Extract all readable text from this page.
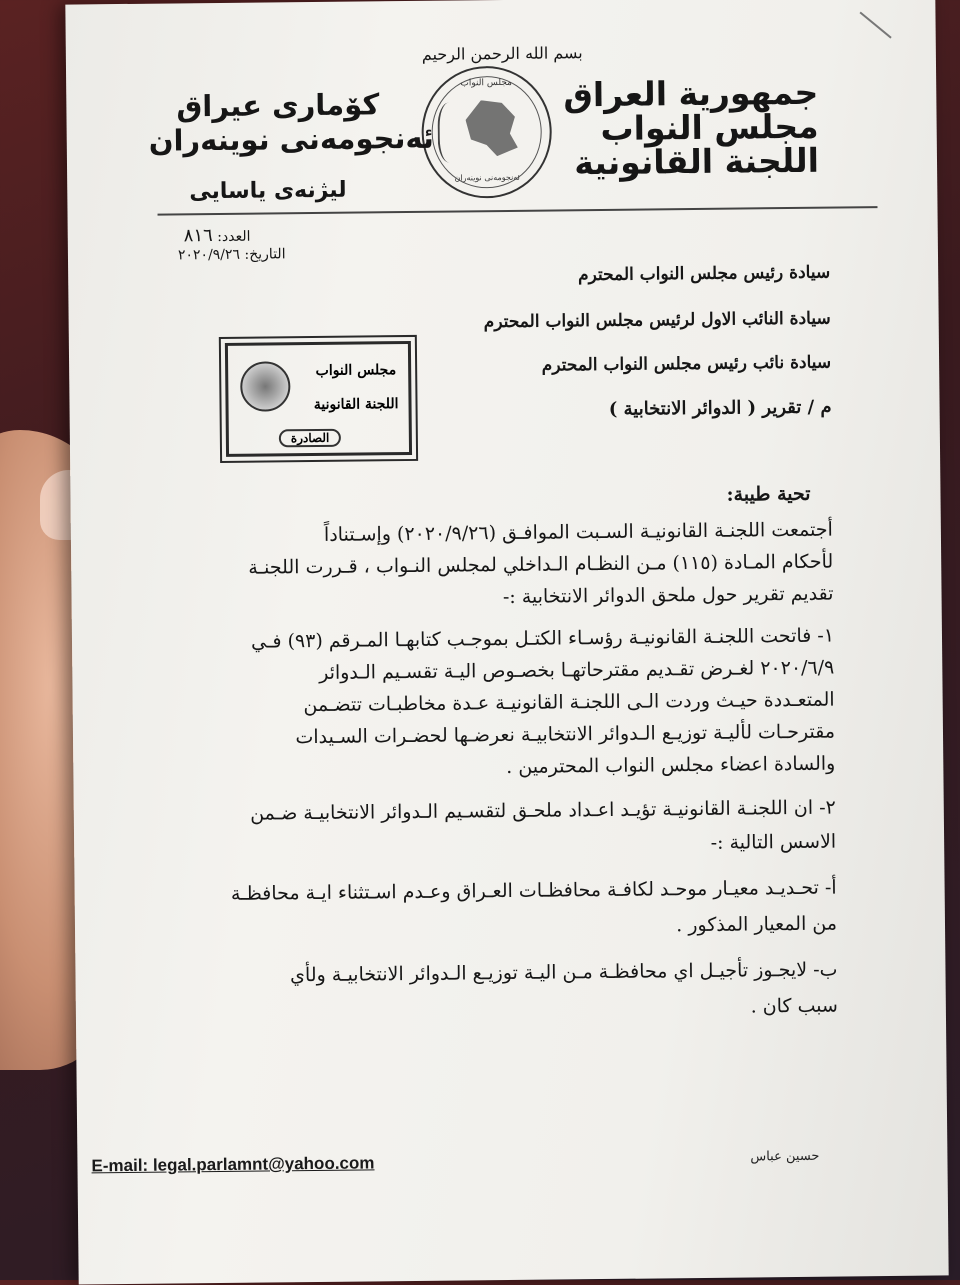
بسم الله الرحمن الرحيم
مجلس النواب
ئەنجومەنی نوینەران
جمهورية العراق
مجلس النواب
اللجنة القانونية
كۆماری عیراق
ئەنجومەنی نوینەران
لیژنەی یاسایی
العدد: ٨١٦
التاريخ: ٢٠٢٠/٩/٢٦
سيادة رئيس مجلس النواب المحترم
سيادة النائب الاول لرئيس مجلس النواب المحترم
سيادة نائب رئيس مجلس النواب المحترم
م / تقرير ( الدوائر الانتخابية )
مجلس النواب
اللجنة القانونية
الصادرة
تحية طيبة:
أجتمعت اللجنـة القانونيـة السـبت الموافـق (٢٠٢٠/٩/٢٦) وإسـتناداً
لأحكام المـادة (١١٥) مـن النظـام الـداخلي لمجلس النـواب ، قـررت اللجنـة
تقديم تقرير حول ملحق الدوائر الانتخابية :-
١- فاتحت اللجنـة القانونيـة رؤسـاء الكتـل بموجـب كتابهـا المـرقم (٩٣) فـي
٢٠٢٠/٦/٩ لغـرض تقـديم مقترحاتهـا بخصـوص اليـة تقسـيم الـدوائر
المتعـددة حيـث وردت الـى اللجنـة القانونيـة عـدة مخاطبـات تتضـمن
مقترحـات لأليـة توزيـع الـدوائر الانتخابيـة نعرضـها لحضـرات السـيدات
والسادة اعضاء مجلس النواب المحترمين .
٢- ان اللجنـة القانونيـة تؤيـد اعـداد ملحـق لتقسـيم الـدوائر الانتخابيـة ضـمن
الاسس التالية :-
أ- تحـديـد معيـار موحـد لكافـة محافظـات العـراق وعـدم اسـتثناء ايـة محافظـة
من المعيار المذكور .
ب- لايجـوز تأجيـل اي محافظـة مـن اليـة توزيـع الـدوائر الانتخابيـة ولأي
سبب كان .
E-mail: legal.parlamnt@yahoo.com	حسين عباس
